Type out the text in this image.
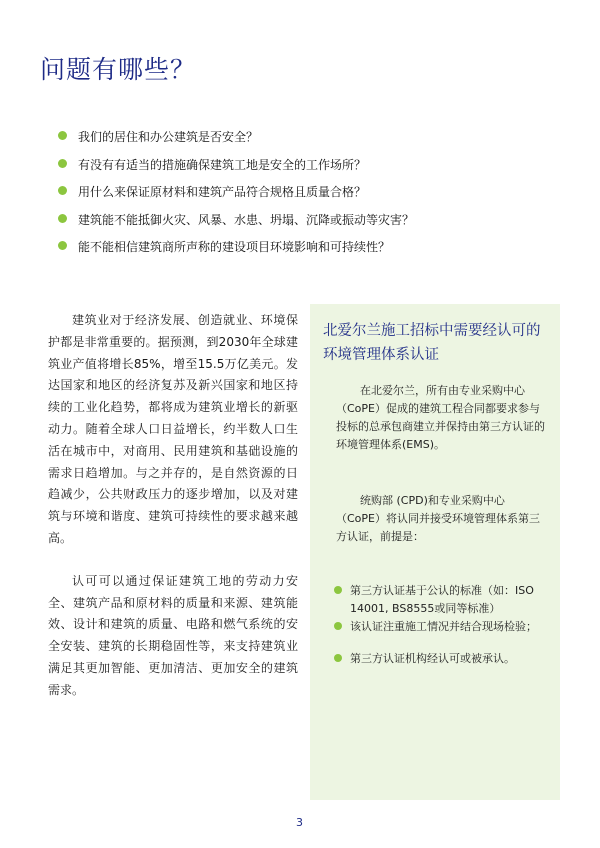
问题有哪些？
我们的居住和办公建筑是否安全？
有没有有适当的措施确保建筑工地是安全的工作场所？
用什么来保证原材料和建筑产品符合规格且质量合格？
建筑能不能抵御火灾、风暴、水患、坍塌、沉降或振动等灾害？
能不能相信建筑商所声称的建设项目环境影响和可持续性？

建筑业对于经济发展、创造就业、环境保护都是非常重要的。据预测，到2030年全球建筑业产值将增长85%，增至15.5万亿美元。发达国家和地区的经济复苏及新兴国家和地区持续的工业化趋势，都将成为建筑业增长的新驱动力。随着全球人口日益增长，约半数人口生活在城市中，对商用、民用建筑和基础设施的需求日趋增加。与之并存的，是自然资源的日趋减少，公共财政压力的逐步增加，以及对建筑与环境和谐度、建筑可持续性的要求越来越高。

认可可以通过保证建筑工地的劳动力安全、建筑产品和原材料的质量和来源、建筑能效、设计和建筑的质量、电路和燃气系统的安全安装、建筑的长期稳固性等，来支持建筑业满足其更加智能、更加清洁、更加安全的建筑需求。

北爱尔兰施工招标中需要经认可的环境管理体系认证

在北爱尔兰，所有由专业采购中心（CoPE）促成的建筑工程合同都要求参与投标的总承包商建立并保持由第三方认证的环境管理体系(EMS)。

统购部 (CPD)和专业采购中心（CoPE）将认同并接受环境管理体系第三方认证，前提是：

第三方认证基于公认的标准（如：ISO 14001, BS8555或同等标准）
该认证注重施工情况并结合现场检验；
第三方认证机构经认可或被承认。
3
